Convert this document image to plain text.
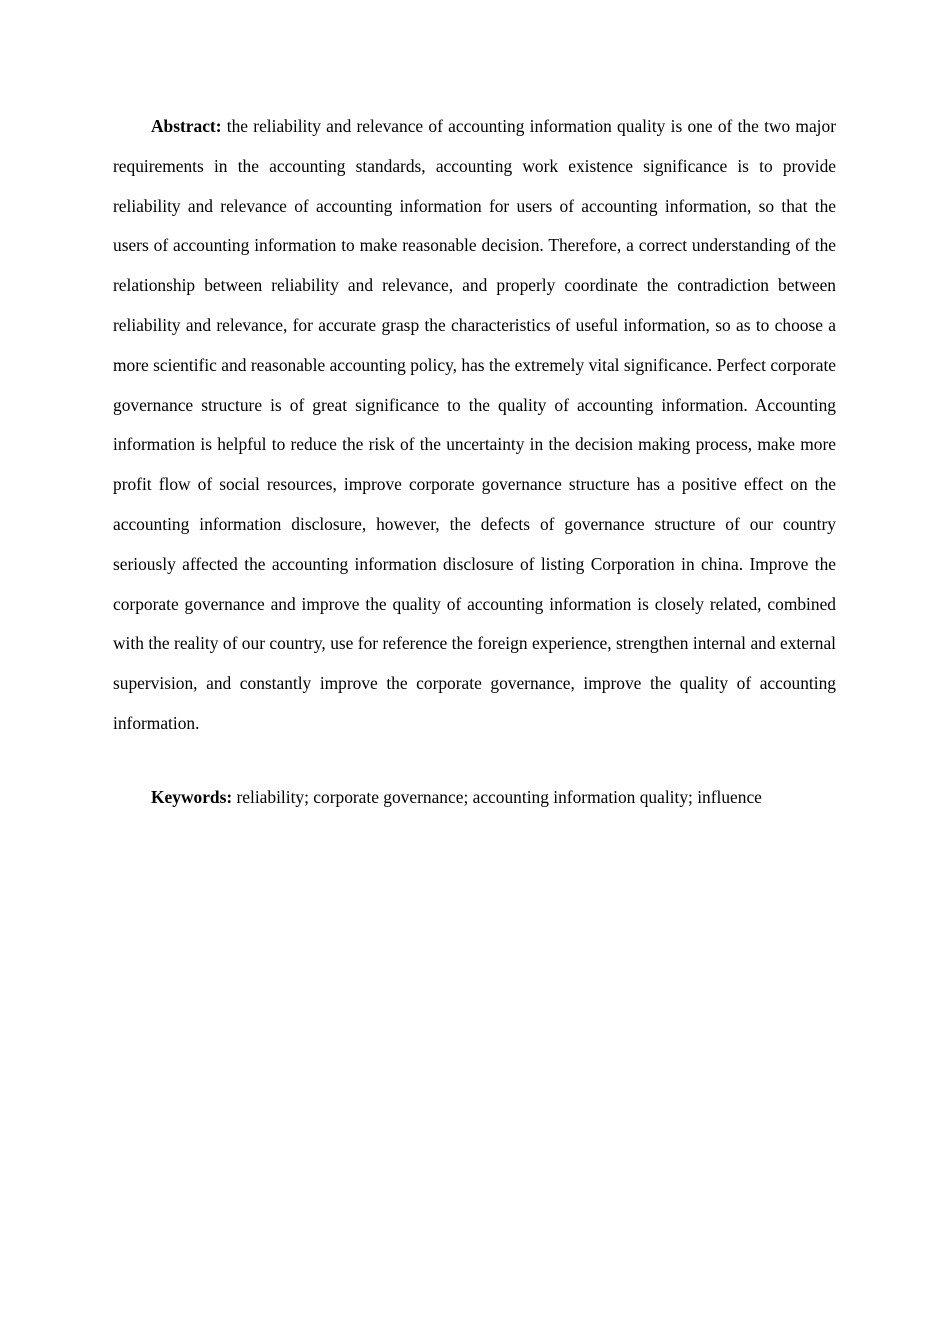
Abstract: the reliability and relevance of accounting information quality is one of the two major requirements in the accounting standards, accounting work existence significance is to provide reliability and relevance of accounting information for users of accounting information, so that the users of accounting information to make reasonable decision. Therefore, a correct understanding of the relationship between reliability and relevance, and properly coordinate the contradiction between reliability and relevance, for accurate grasp the characteristics of useful information, so as to choose a more scientific and reasonable accounting policy, has the extremely vital significance. Perfect corporate governance structure is of great significance to the quality of accounting information. Accounting information is helpful to reduce the risk of the uncertainty in the decision making process, make more profit flow of social resources, improve corporate governance structure has a positive effect on the accounting information disclosure, however, the defects of governance structure of our country seriously affected the accounting information disclosure of listing Corporation in china. Improve the corporate governance and improve the quality of accounting information is closely related, combined with the reality of our country, use for reference the foreign experience, strengthen internal and external supervision, and constantly improve the corporate governance, improve the quality of accounting information.

Keywords: reliability; corporate governance; accounting information quality; influence
